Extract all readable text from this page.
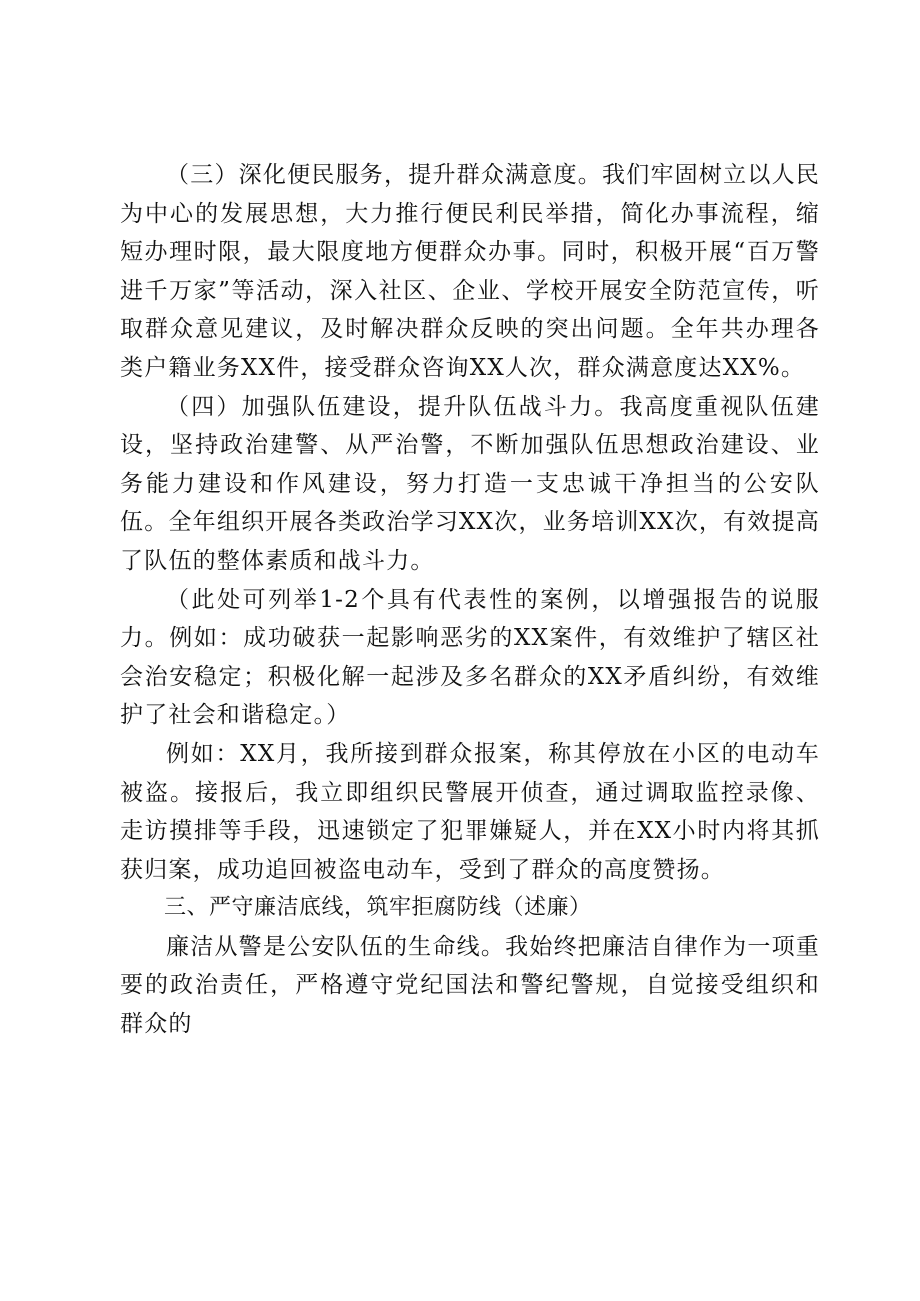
（三）深化便民服务，提升群众满意度。我们牢固树立以人民为中心的发展思想，大力推行便民利民举措，简化办事流程，缩短办理时限，最大限度地方便群众办事。同时，积极开展“百万警进千万家”等活动，深入社区、企业、学校开展安全防范宣传，听取群众意见建议，及时解决群众反映的突出问题。全年共办理各类户籍业务XX件，接受群众咨询XX人次，群众满意度达XX%。

（四）加强队伍建设，提升队伍战斗力。我高度重视队伍建设，坚持政治建警、从严治警，不断加强队伍思想政治建设、业务能力建设和作风建设，努力打造一支忠诚干净担当的公安队伍。全年组织开展各类政治学习XX次，业务培训XX次，有效提高了队伍的整体素质和战斗力。

（此处可列举1-2个具有代表性的案例，以增强报告的说服力。例如：成功破获一起影响恶劣的XX案件，有效维护了辖区社会治安稳定；积极化解一起涉及多名群众的XX矛盾纠纷，有效维护了社会和谐稳定。）

例如：XX月，我所接到群众报案，称其停放在小区的电动车被盗。接报后，我立即组织民警展开侦查，通过调取监控录像、走访摸排等手段，迅速锁定了犯罪嫌疑人，并在XX小时内将其抓获归案，成功追回被盗电动车，受到了群众的高度赞扬。

三、严守廉洁底线，筑牢拒腐防线（述廉）

廉洁从警是公安队伍的生命线。我始终把廉洁自律作为一项重要的政治责任，严格遵守党纪国法和警纪警规，自觉接受组织和群众的
